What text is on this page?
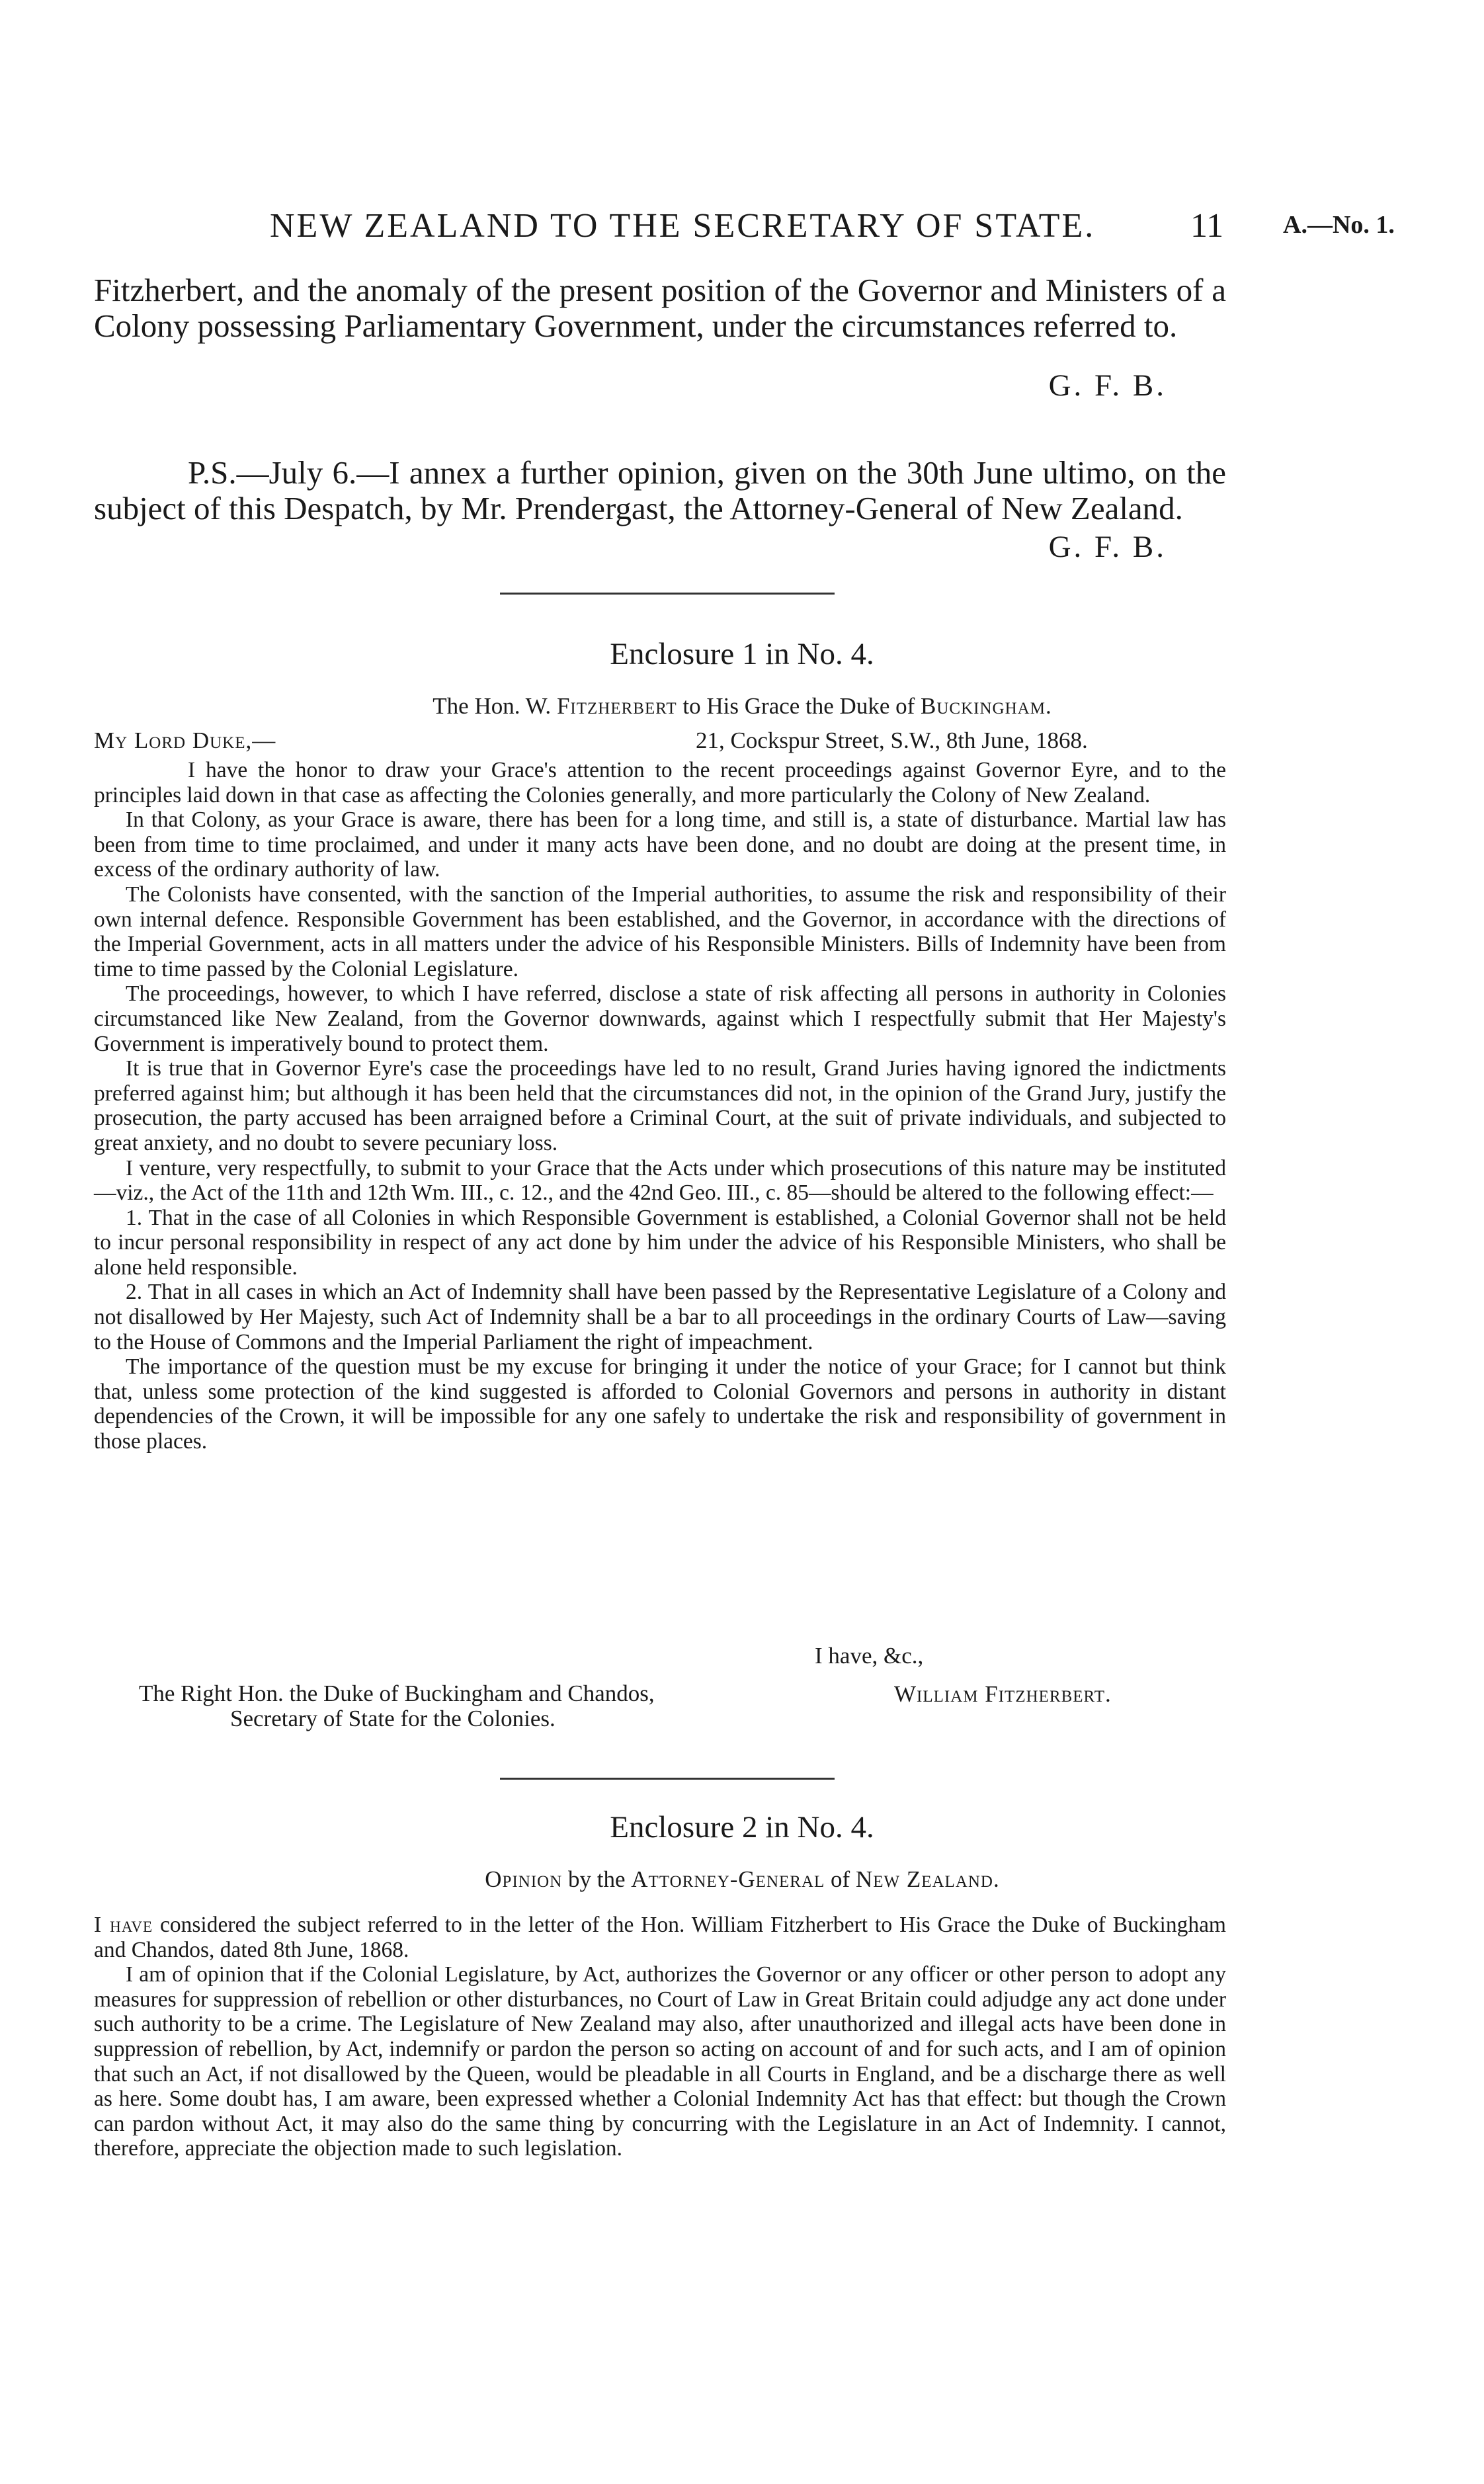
NEW ZEALAND TO THE SECRETARY OF STATE.	11 A.—No. 1.

Fitzherbert, and the anomaly of the present position of the Governor and Ministers of a Colony possessing Parliamentary Government, under the circumstances referred to.

G. F. B.

P.S.—July 6.—I annex a further opinion, given on the 30th June ultimo, on the subject of this Despatch, by Mr. Prendergast, the Attorney-General of New Zealand.

G. F. B.

Enclosure 1 in No. 4.

The Hon. W. Fitzherbert to His Grace the Duke of Buckingham.

My Lord Duke,—	21, Cockspur Street, S.W., 8th June, 1868.

I have the honor to draw your Grace's attention to the recent proceedings against Governor Eyre, and to the principles laid down in that case as affecting the Colonies generally, and more particularly the Colony of New Zealand.

In that Colony, as your Grace is aware, there has been for a long time, and still is, a state of disturbance. Martial law has been from time to time proclaimed, and under it many acts have been done, and no doubt are doing at the present time, in excess of the ordinary authority of law.

The Colonists have consented, with the sanction of the Imperial authorities, to assume the risk and responsibility of their own internal defence. Responsible Government has been established, and the Governor, in accordance with the directions of the Imperial Government, acts in all matters under the advice of his Responsible Ministers. Bills of Indemnity have been from time to time passed by the Colonial Legislature.

The proceedings, however, to which I have referred, disclose a state of risk affecting all persons in authority in Colonies circumstanced like New Zealand, from the Governor downwards, against which I respectfully submit that Her Majesty's Government is imperatively bound to protect them.

It is true that in Governor Eyre's case the proceedings have led to no result, Grand Juries having ignored the indictments preferred against him; but although it has been held that the circumstances did not, in the opinion of the Grand Jury, justify the prosecution, the party accused has been arraigned before a Criminal Court, at the suit of private individuals, and subjected to great anxiety, and no doubt to severe pecuniary loss.

I venture, very respectfully, to submit to your Grace that the Acts under which prosecutions of this nature may be instituted—viz., the Act of the 11th and 12th Wm. III., c. 12., and the 42nd Geo. III., c. 85—should be altered to the following effect:—

1. That in the case of all Colonies in which Responsible Government is established, a Colonial Governor shall not be held to incur personal responsibility in respect of any act done by him under the advice of his Responsible Ministers, who shall be alone held responsible.

2. That in all cases in which an Act of Indemnity shall have been passed by the Representative Legislature of a Colony and not disallowed by Her Majesty, such Act of Indemnity shall be a bar to all proceedings in the ordinary Courts of Law—saving to the House of Commons and the Imperial Parliament the right of impeachment.

The importance of the question must be my excuse for bringing it under the notice of your Grace; for I cannot but think that, unless some protection of the kind suggested is afforded to Colonial Governors and persons in authority in distant dependencies of the Crown, it will be impossible for any one safely to undertake the risk and responsibility of government in those places.

I have, &c.,

The Right Hon. the Duke of Buckingham and Chandos,
Secretary of State for the Colonies.

William Fitzherbert.

Enclosure 2 in No. 4.

Opinion by the Attorney-General of New Zealand.

I have considered the subject referred to in the letter of the Hon. William Fitzherbert to His Grace the Duke of Buckingham and Chandos, dated 8th June, 1868.

I am of opinion that if the Colonial Legislature, by Act, authorizes the Governor or any officer or other person to adopt any measures for suppression of rebellion or other disturbances, no Court of Law in Great Britain could adjudge any act done under such authority to be a crime. The Legislature of New Zealand may also, after unauthorized and illegal acts have been done in suppression of rebellion, by Act, indemnify or pardon the person so acting on account of and for such acts, and I am of opinion that such an Act, if not disallowed by the Queen, would be pleadable in all Courts in England, and be a discharge there as well as here. Some doubt has, I am aware, been expressed whether a Colonial Indemnity Act has that effect: but though the Crown can pardon without Act, it may also do the same thing by concurring with the Legislature in an Act of Indemnity. I cannot, therefore, appreciate the objection made to such legislation.
